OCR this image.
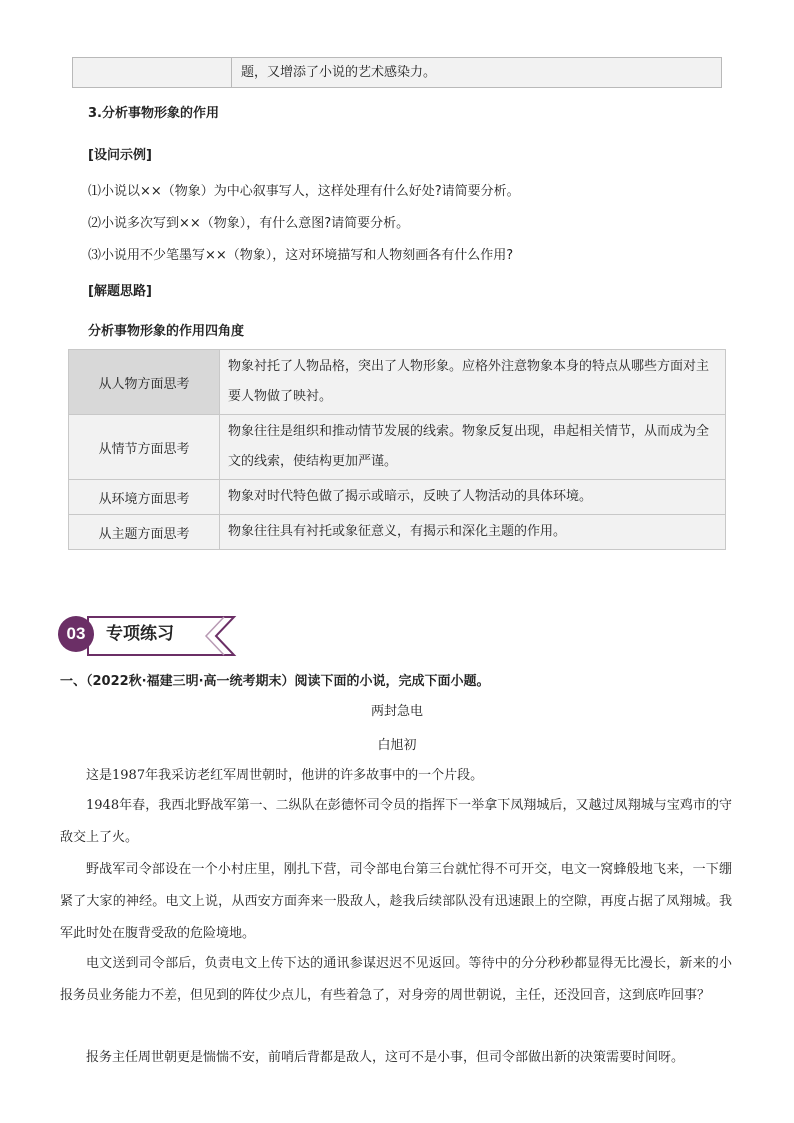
题，又增添了小说的艺术感染力。
3.分析事物形象的作用
[设问示例]
⑴小说以××（物象）为中心叙事写人，这样处理有什么好处?请简要分析。
⑵小说多次写到××（物象），有什么意图?请简要分析。
⑶小说用不少笔墨写××（物象），这对环境描写和人物刻画各有什么作用?
[解题思路]
分析事物形象的作用四角度
从人物方面思考	物象衬托了人物品格，突出了人物形象。应格外注意物象本身的特点从哪些方面对主要人物做了映衬。
从情节方面思考	物象往往是组织和推动情节发展的线索。物象反复出现，串起相关情节，从而成为全文的线索，使结构更加严谨。
从环境方面思考	物象对时代特色做了揭示或暗示，反映了人物活动的具体环境。
从主题方面思考	物象往往具有衬托或象征意义，有揭示和深化主题的作用。
03	专项练习
一、（2022秋·福建三明·高一统考期末）阅读下面的小说，完成下面小题。
两封急电
白旭初
这是1987年我采访老红军周世朝时，他讲的许多故事中的一个片段。
1948年春，我西北野战军第一、二纵队在彭德怀司令员的指挥下一举拿下凤翔城后，又越过凤翔城与宝鸡市的守敌交上了火。
野战军司令部设在一个小村庄里，刚扎下营，司令部电台第三台就忙得不可开交，电文一窝蜂般地飞来，一下绷紧了大家的神经。电文上说，从西安方面奔来一股敌人，趁我后续部队没有迅速跟上的空隙，再度占据了凤翔城。我军此时处在腹背受敌的危险境地。
电文送到司令部后，负责电文上传下达的通讯参谋迟迟不见返回。等待中的分分秒秒都显得无比漫长，新来的小报务员业务能力不差，但见到的阵仗少点儿，有些着急了，对身旁的周世朝说，主任，还没回音，这到底咋回事？
报务主任周世朝更是惴惴不安，前哨后背都是敌人，这可不是小事，但司令部做出新的决策需要时间呀。
